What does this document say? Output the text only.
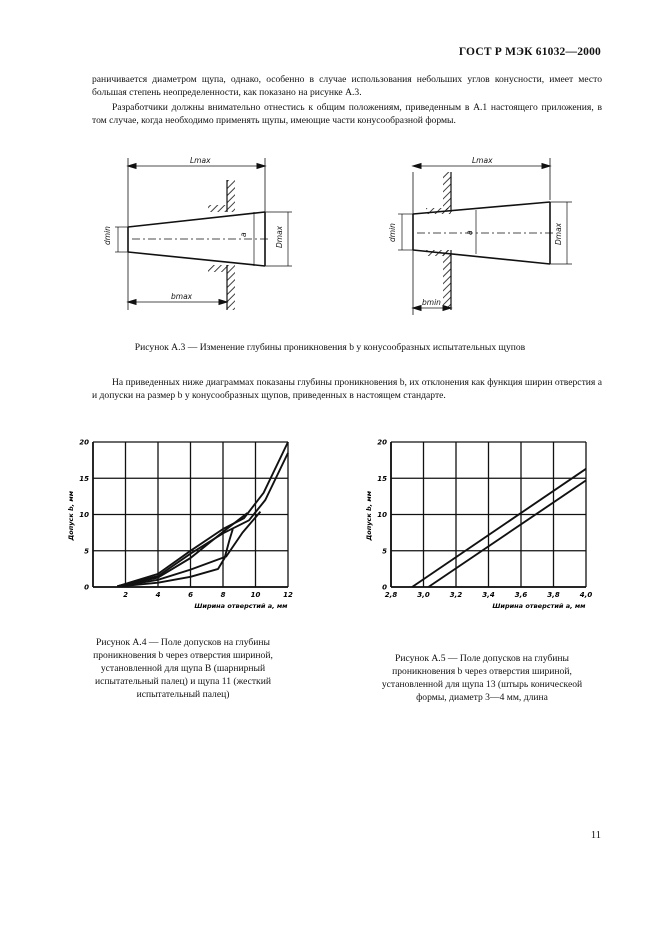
ГОСТ Р МЭК 61032—2000

раничивается диаметром щупа, однако, особенно в случае использования небольших углов конусности, имеет место большая степень неопределенности, как показано на рисунке А.3.

Разработчики должны внимательно отнестись к общим положениям, приведенным в А.1 настоящего приложения, в том случае, когда необходимо применять щупы, имеющие части конусообразной формы.

Lmax
dmin	a	Dmax
bmax
Lmax
dmin	a	Dmax
bmin

Рисунок А.3 — Изменение глубины проникновения b у конусообразных испытательных щупов

На приведенных ниже диаграммах показаны глубины проникновения b, их отклонения как функция ширин отверстия a и допуски на размер b у конусообразных щупов, приведенных в настоящем стандарте.

2	4	6	8	10	12
0
5
10
15
20
Ширина отверстий a, мм
Допуск b, мм

Рисунок А.4 — Поле допусков на глубины проникновения b через отверстия шириной, установленной для щупа B (шарнирный испытательный палец) и щупа 11 (жесткий испытательный палец)

2,8	3,0	3,2	3,4	3,6	3,8	4,0
0
5
10
15
20
Ширина отверстий a, мм
Допуск b, мм

Рисунок А.5 — Поле допусков на глубины проникновения b через отверстия шириной, установленной для щупа 13 (штырь коническеой формы, диаметр 3—4 мм, длина

11
